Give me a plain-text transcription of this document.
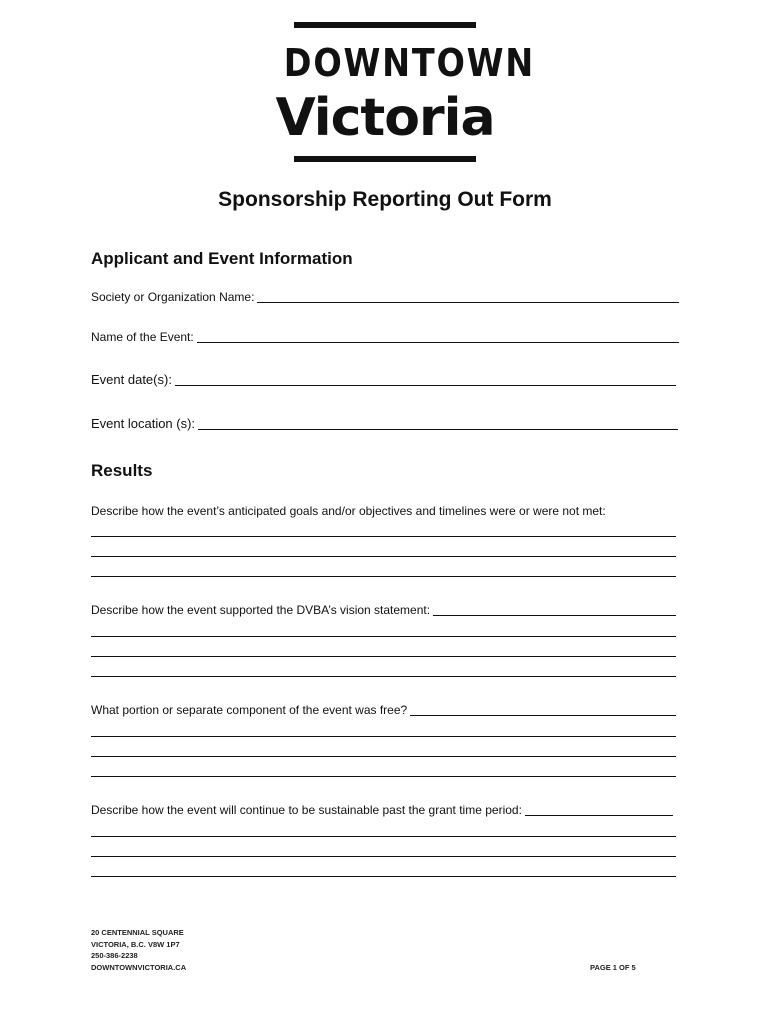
DOWNTOWN
Victoria
Sponsorship Reporting Out Form
Applicant and Event Information
Society or Organization Name:
Name of the Event:
Event date(s):
Event location (s):
Results
Describe how the event’s anticipated goals and/or objectives and timelines were or were not met:
Describe how the event supported the DVBA’s vision statement:
What portion or separate component of the event was free?
Describe how the event will continue to be sustainable past the grant time period:
20 CENTENNIAL SQUARE
VICTORIA, B.C. V8W 1P7
250-386-2238
DOWNTOWNVICTORIA.CA	PAGE 1 OF 5
